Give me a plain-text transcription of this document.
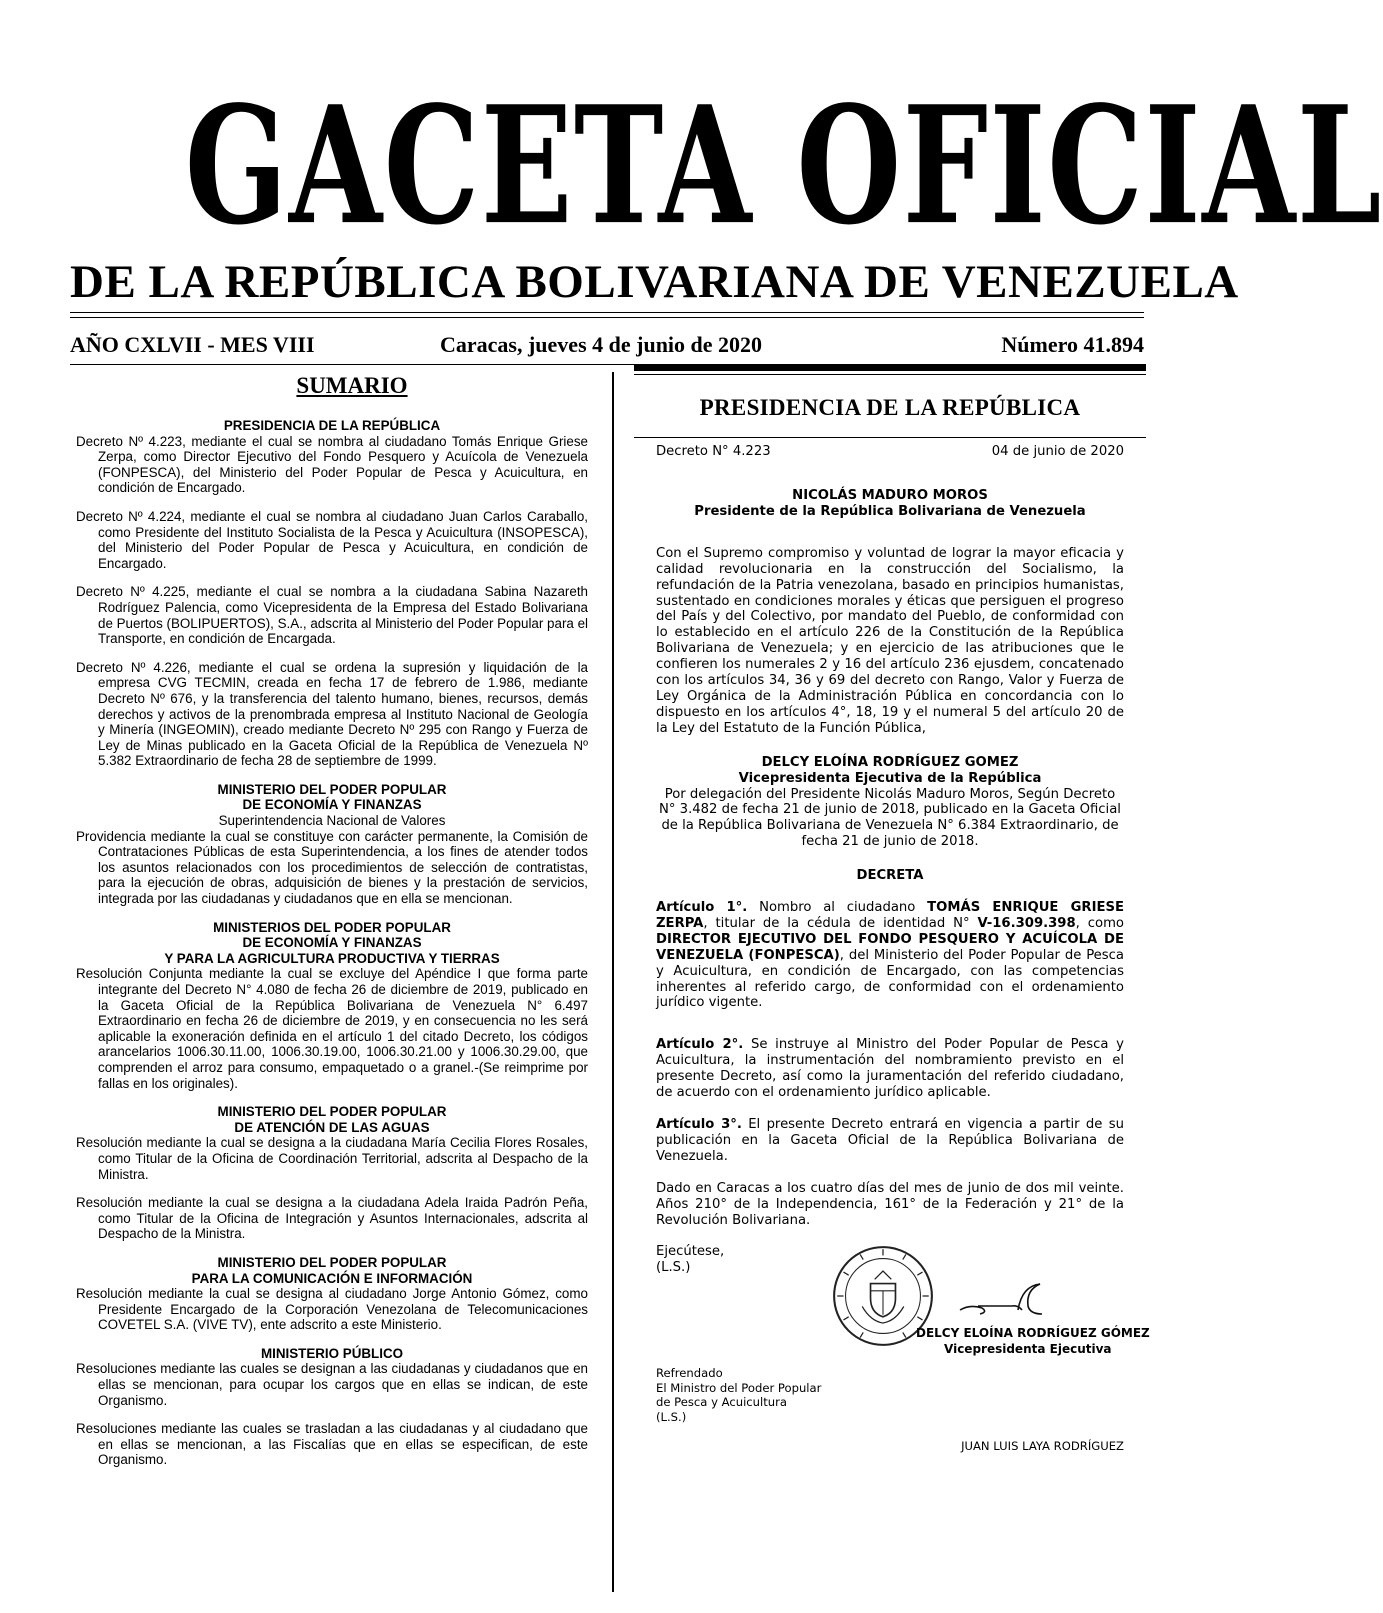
GACETA OFICIAL
DE LA REPÚBLICA BOLIVARIANA DE VENEZUELA
AÑO CXLVII - MES VIII	Caracas, jueves 4 de junio de 2020	Número 41.894
SUMARIO

PRESIDENCIA DE LA REPÚBLICA

Decreto Nº 4.223, mediante el cual se nombra al ciudadano Tomás Enrique Griese Zerpa, como Director Ejecutivo del Fondo Pesquero y Acuícola de Venezuela (FONPESCA), del Ministerio del Poder Popular de Pesca y Acuicultura, en condición de Encargado.

Decreto Nº 4.224, mediante el cual se nombra al ciudadano Juan Carlos Caraballo, como Presidente del Instituto Socialista de la Pesca y Acuicultura (INSOPESCA), del Ministerio del Poder Popular de Pesca y Acuicultura, en condición de Encargado.

Decreto Nº 4.225, mediante el cual se nombra a la ciudadana Sabina Nazareth Rodríguez Palencia, como Vicepresidenta de la Empresa del Estado Bolivariana de Puertos (BOLIPUERTOS), S.A., adscrita al Ministerio del Poder Popular para el Transporte, en condición de Encargada.

Decreto Nº 4.226, mediante el cual se ordena la supresión y liquidación de la empresa CVG TECMIN, creada en fecha 17 de febrero de 1.986, mediante Decreto Nº 676, y la transferencia del talento humano, bienes, recursos, demás derechos y activos de la prenombrada empresa al Instituto Nacional de Geología y Minería (INGEOMIN), creado mediante Decreto Nº 295 con Rango y Fuerza de Ley de Minas publicado en la Gaceta Oficial de la República de Venezuela Nº 5.382 Extraordinario de fecha 28 de septiembre de 1999.

MINISTERIO DEL PODER POPULAR

DE ECONOMÍA Y FINANZAS

Superintendencia Nacional de Valores

Providencia mediante la cual se constituye con carácter permanente, la Comisión de Contrataciones Públicas de esta Superintendencia, a los fines de atender todos los asuntos relacionados con los procedimientos de selección de contratistas, para la ejecución de obras, adquisición de bienes y la prestación de servicios, integrada por las ciudadanas y ciudadanos que en ella se mencionan.

MINISTERIOS DEL PODER POPULAR

DE ECONOMÍA Y FINANZAS

Y PARA LA AGRICULTURA PRODUCTIVA Y TIERRAS

Resolución Conjunta mediante la cual se excluye del Apéndice I que forma parte integrante del Decreto N° 4.080 de fecha 26 de diciembre de 2019, publicado en la Gaceta Oficial de la República Bolivariana de Venezuela N° 6.497 Extraordinario en fecha 26 de diciembre de 2019, y en consecuencia no les será aplicable la exoneración definida en el artículo 1 del citado Decreto, los códigos arancelarios 1006.30.11.00, 1006.30.19.00, 1006.30.21.00 y 1006.30.29.00, que comprenden el arroz para consumo, empaquetado o a granel.-(Se reimprime por fallas en los originales).

MINISTERIO DEL PODER POPULAR

DE ATENCIÓN DE LAS AGUAS

Resolución mediante la cual se designa a la ciudadana María Cecilia Flores Rosales, como Titular de la Oficina de Coordinación Territorial, adscrita al Despacho de la Ministra.

Resolución mediante la cual se designa a la ciudadana Adela Iraida Padrón Peña, como Titular de la Oficina de Integración y Asuntos Internacionales, adscrita al Despacho de la Ministra.

MINISTERIO DEL PODER POPULAR

PARA LA COMUNICACIÓN E INFORMACIÓN

Resolución mediante la cual se designa al ciudadano Jorge Antonio Gómez, como Presidente Encargado de la Corporación Venezolana de Telecomunicaciones COVETEL S.A. (VIVE TV), ente adscrito a este Ministerio.

MINISTERIO PÚBLICO

Resoluciones mediante las cuales se designan a las ciudadanas y ciudadanos que en ellas se mencionan, para ocupar los cargos que en ellas se indican, de este Organismo.

Resoluciones mediante las cuales se trasladan a las ciudadanas y al ciudadano que en ellas se mencionan, a las Fiscalías que en ellas se especifican, de este Organismo.

PRESIDENCIA DE LA REPÚBLICA
Decreto N° 4.223	04 de junio de 2020

NICOLÁS MADURO MOROS

Presidente de la República Bolivariana de Venezuela

Con el Supremo compromiso y voluntad de lograr la mayor eficacia y calidad revolucionaria en la construcción del Socialismo, la refundación de la Patria venezolana, basado en principios humanistas, sustentado en condiciones morales y éticas que persiguen el progreso del País y del Colectivo, por mandato del Pueblo, de conformidad con lo establecido en el artículo 226 de la Constitución de la República Bolivariana de Venezuela; y en ejercicio de las atribuciones que le confieren los numerales 2 y 16 del artículo 236 ejusdem, concatenado con los artículos 34, 36 y 69 del decreto con Rango, Valor y Fuerza de Ley Orgánica de la Administración Pública en concordancia con lo dispuesto en los artículos 4°, 18, 19 y el numeral 5 del artículo 20 de la Ley del Estatuto de la Función Pública,

DELCY ELOÍNA RODRÍGUEZ GOMEZ

Vicepresidenta Ejecutiva de la República

Por delegación del Presidente Nicolás Maduro Moros, Según Decreto N° 3.482 de fecha 21 de junio de 2018, publicado en la Gaceta Oficial de la República Bolivariana de Venezuela N° 6.384 Extraordinario, de fecha 21 de junio de 2018.

DECRETA

Artículo 1°. Nombro al ciudadano TOMÁS ENRIQUE GRIESE ZERPA, titular de la cédula de identidad N° V-16.309.398, como DIRECTOR EJECUTIVO DEL FONDO PESQUERO Y ACUÍCOLA DE VENEZUELA (FONPESCA), del Ministerio del Poder Popular de Pesca y Acuicultura, en condición de Encargado, con las competencias inherentes al referido cargo, de conformidad con el ordenamiento jurídico vigente.

Artículo 2°. Se instruye al Ministro del Poder Popular de Pesca y Acuicultura, la instrumentación del nombramiento previsto en el presente Decreto, así como la juramentación del referido ciudadano, de acuerdo con el ordenamiento jurídico aplicable.

Artículo 3°. El presente Decreto entrará en vigencia a partir de su publicación en la Gaceta Oficial de la República Bolivariana de Venezuela.

Dado en Caracas a los cuatro días del mes de junio de dos mil veinte. Años 210° de la Independencia, 161° de la Federación y 21° de la Revolución Bolivariana.

Ejecútese,

(L.S.)

DELCY ELOÍNA RODRÍGUEZ GÓMEZ
Vicepresidenta Ejecutiva
Refrendado
El Ministro del Poder Popular
de Pesca y Acuicultura
(L.S.)
JUAN LUIS LAYA RODRÍGUEZ
